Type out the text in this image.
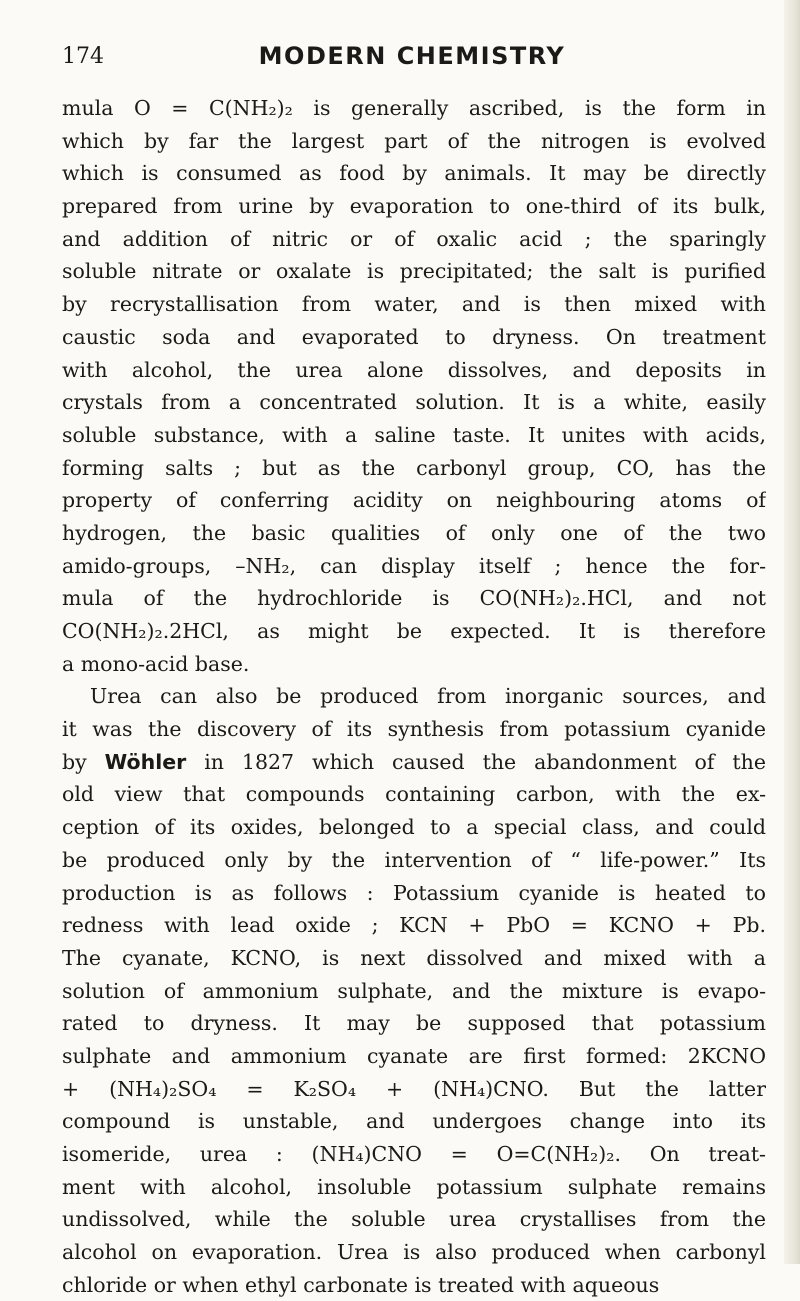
174	MODERN CHEMISTRY
mula O = C(NH₂)₂ is generally ascribed, is the form in
which by far the largest part of the nitrogen is evolved
which is consumed as food by animals. It may be directly
prepared from urine by evaporation to one-third of its bulk,
and addition of nitric or of oxalic acid ; the sparingly
soluble nitrate or oxalate is precipitated; the salt is purified
by recrystallisation from water, and is then mixed with
caustic soda and evaporated to dryness. On treatment
with alcohol, the urea alone dissolves, and deposits in
crystals from a concentrated solution. It is a white, easily
soluble substance, with a saline taste. It unites with acids,
forming salts ; but as the carbonyl group, CO, has the
property of conferring acidity on neighbouring atoms of
hydrogen, the basic qualities of only one of the two
amido-groups, –NH₂, can display itself ; hence the for-
mula of the hydrochloride is CO(NH₂)₂.HCl, and not
CO(NH₂)₂.2HCl, as might be expected. It is therefore
a mono-acid base.
Urea can also be produced from inorganic sources, and
it was the discovery of its synthesis from potassium cyanide
by Wöhler in 1827 which caused the abandonment of the
old view that compounds containing carbon, with the ex-
ception of its oxides, belonged to a special class, and could
be produced only by the intervention of “ life-power.” Its
production is as follows : Potassium cyanide is heated to
redness with lead oxide ; KCN + PbO = KCNO + Pb.
The cyanate, KCNO, is next dissolved and mixed with a
solution of ammonium sulphate, and the mixture is evapo-
rated to dryness. It may be supposed that potassium
sulphate and ammonium cyanate are first formed: 2KCNO
+ (NH₄)₂SO₄ = K₂SO₄ + (NH₄)CNO. But the latter
compound is unstable, and undergoes change into its
isomeride, urea : (NH₄)CNO = O=C(NH₂)₂. On treat-
ment with alcohol, insoluble potassium sulphate remains
undissolved, while the soluble urea crystallises from the
alcohol on evaporation. Urea is also produced when carbonyl
chloride or when ethyl carbonate is treated with aqueous
